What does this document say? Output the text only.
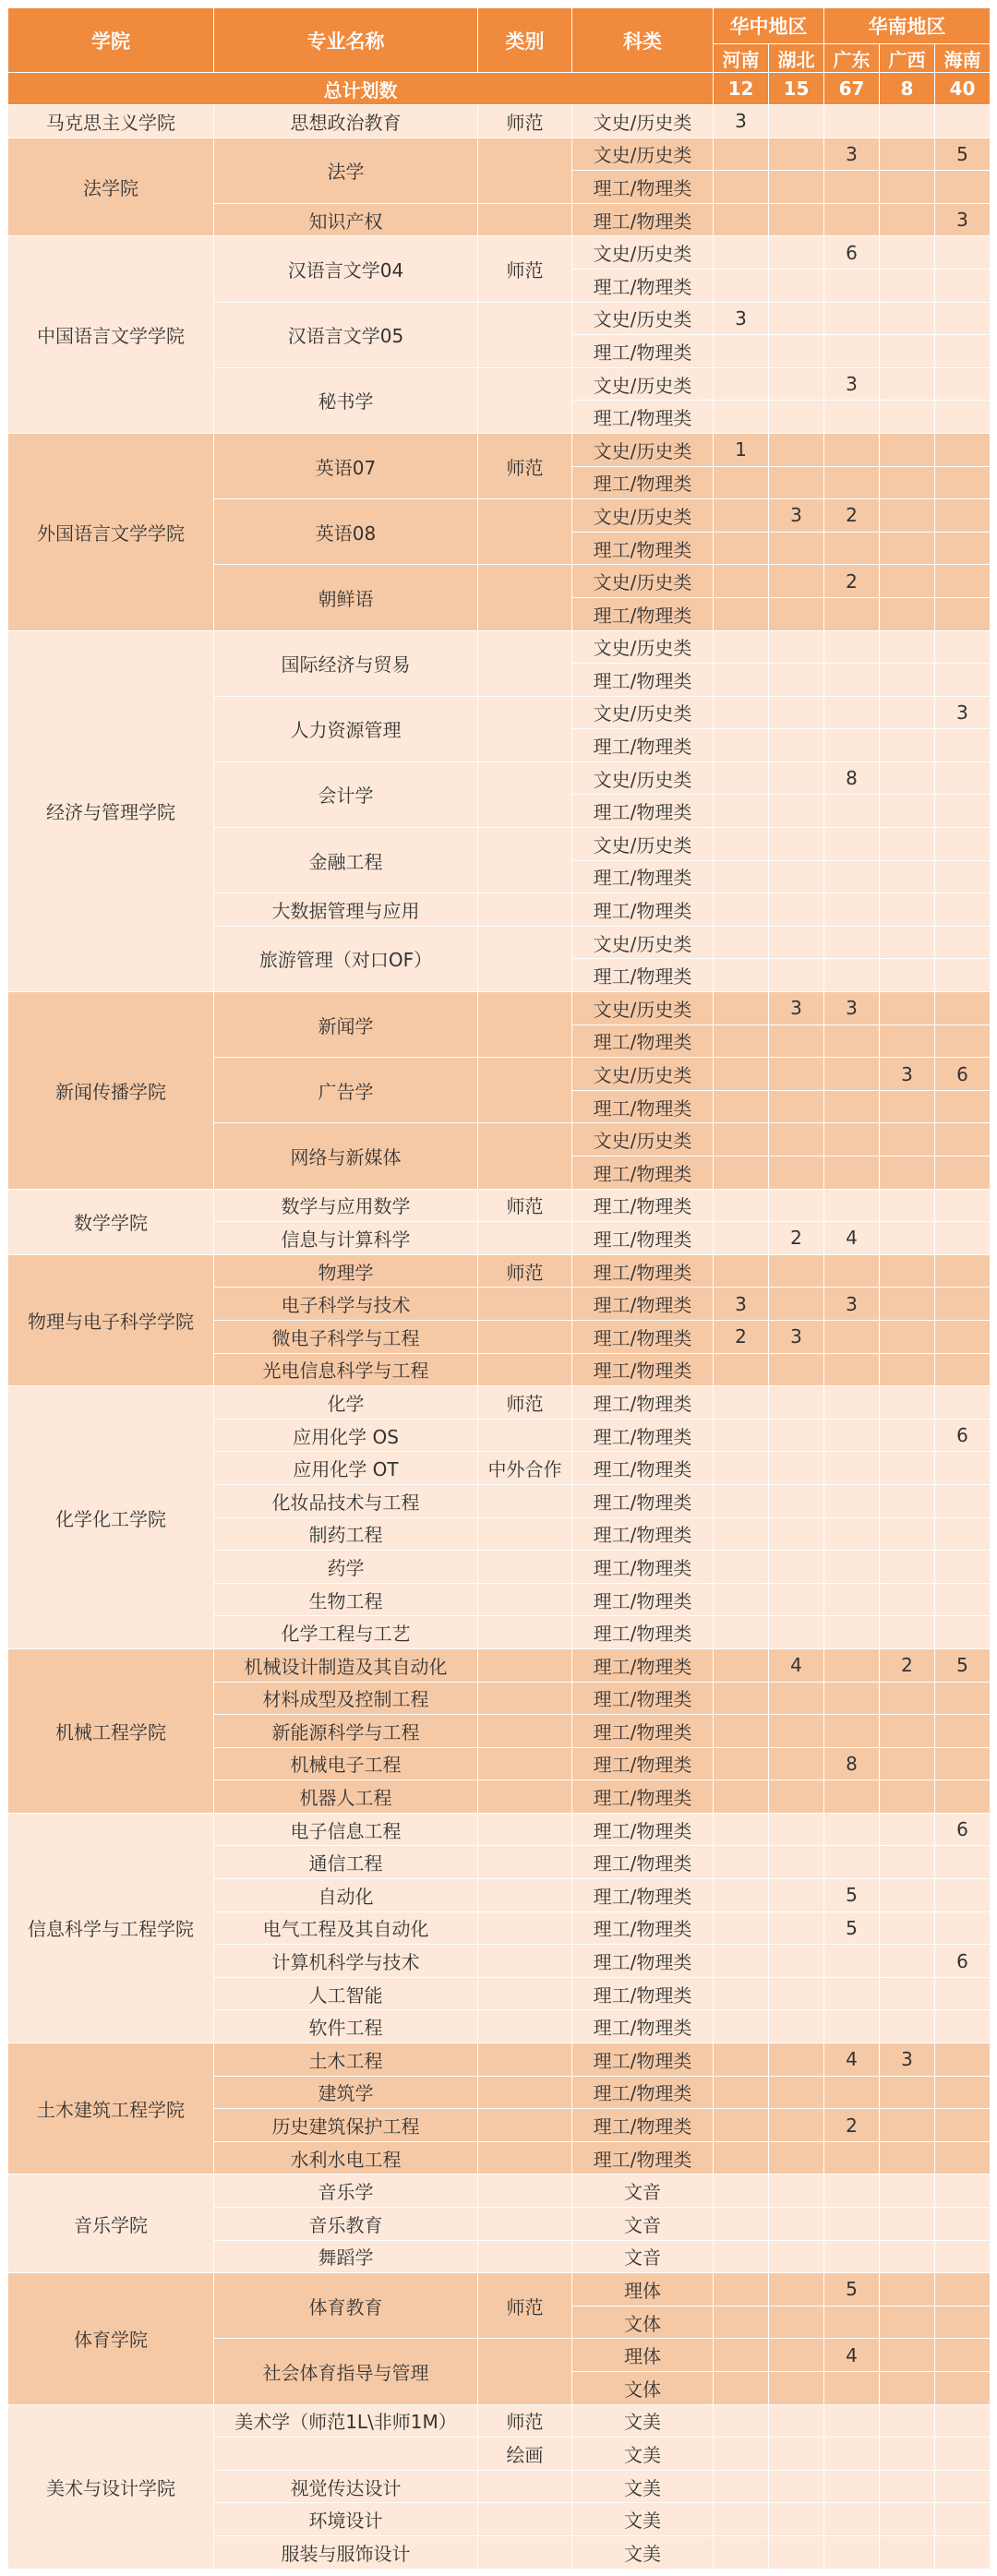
学院	专业名称	类别	科类	华中地区		华南地区		
				河南	湖北	广东	广西	海南
总计划数				12	15	67	8	40
马克思主义学院	思想政治教育	师范	文史/历史类	3				
法学院	法学		文史/历史类			3		5
			理工/物理类					
	知识产权		理工/物理类					3
中国语言文学学院	汉语言文学04	师范	文史/历史类			6		
			理工/物理类					
	汉语言文学05		文史/历史类	3				
			理工/物理类					
	秘书学		文史/历史类			3		
			理工/物理类					
外国语言文学学院	英语07	师范	文史/历史类	1				
			理工/物理类					
	英语08		文史/历史类		3	2		
			理工/物理类					
	朝鲜语		文史/历史类			2		
			理工/物理类					
经济与管理学院	国际经济与贸易		文史/历史类					
			理工/物理类					
	人力资源管理		文史/历史类					3
			理工/物理类					
	会计学		文史/历史类			8		
			理工/物理类					
	金融工程		文史/历史类					
			理工/物理类					
	大数据管理与应用		理工/物理类					
	旅游管理（对口OF）		文史/历史类					
			理工/物理类					
新闻传播学院	新闻学		文史/历史类		3	3		
			理工/物理类					
	广告学		文史/历史类				3	6
			理工/物理类					
	网络与新媒体		文史/历史类					
			理工/物理类					
数学学院	数学与应用数学	师范	理工/物理类					
	信息与计算科学		理工/物理类		2	4		
物理与电子科学学院	物理学	师范	理工/物理类					
	电子科学与技术		理工/物理类	3		3		
	微电子科学与工程		理工/物理类	2	3			
	光电信息科学与工程		理工/物理类					
化学化工学院	化学	师范	理工/物理类					
	应用化学 OS		理工/物理类					6
	应用化学 OT	中外合作	理工/物理类					
	化妆品技术与工程		理工/物理类					
	制药工程		理工/物理类					
	药学		理工/物理类					
	生物工程		理工/物理类					
	化学工程与工艺		理工/物理类					
机械工程学院	机械设计制造及其自动化		理工/物理类		4		2	5
	材料成型及控制工程		理工/物理类					
	新能源科学与工程		理工/物理类					
	机械电子工程		理工/物理类			8		
	机器人工程		理工/物理类					
信息科学与工程学院	电子信息工程		理工/物理类					6
	通信工程		理工/物理类					
	自动化		理工/物理类			5		
	电气工程及其自动化		理工/物理类			5		
	计算机科学与技术		理工/物理类					6
	人工智能		理工/物理类					
	软件工程		理工/物理类					
土木建筑工程学院	土木工程		理工/物理类			4	3	
	建筑学		理工/物理类					
	历史建筑保护工程		理工/物理类			2		
	水利水电工程		理工/物理类					
音乐学院	音乐学		文音					
	音乐教育		文音					
	舞蹈学		文音					
体育学院	体育教育	师范	理体			5		
			文体					
	社会体育指导与管理		理体			4		
			文体					
美术与设计学院	美术学（师范1L\非师1M）	师范	文美					
		绘画	文美					
	视觉传达设计		文美					
	环境设计		文美					
	服装与服饰设计		文美					
